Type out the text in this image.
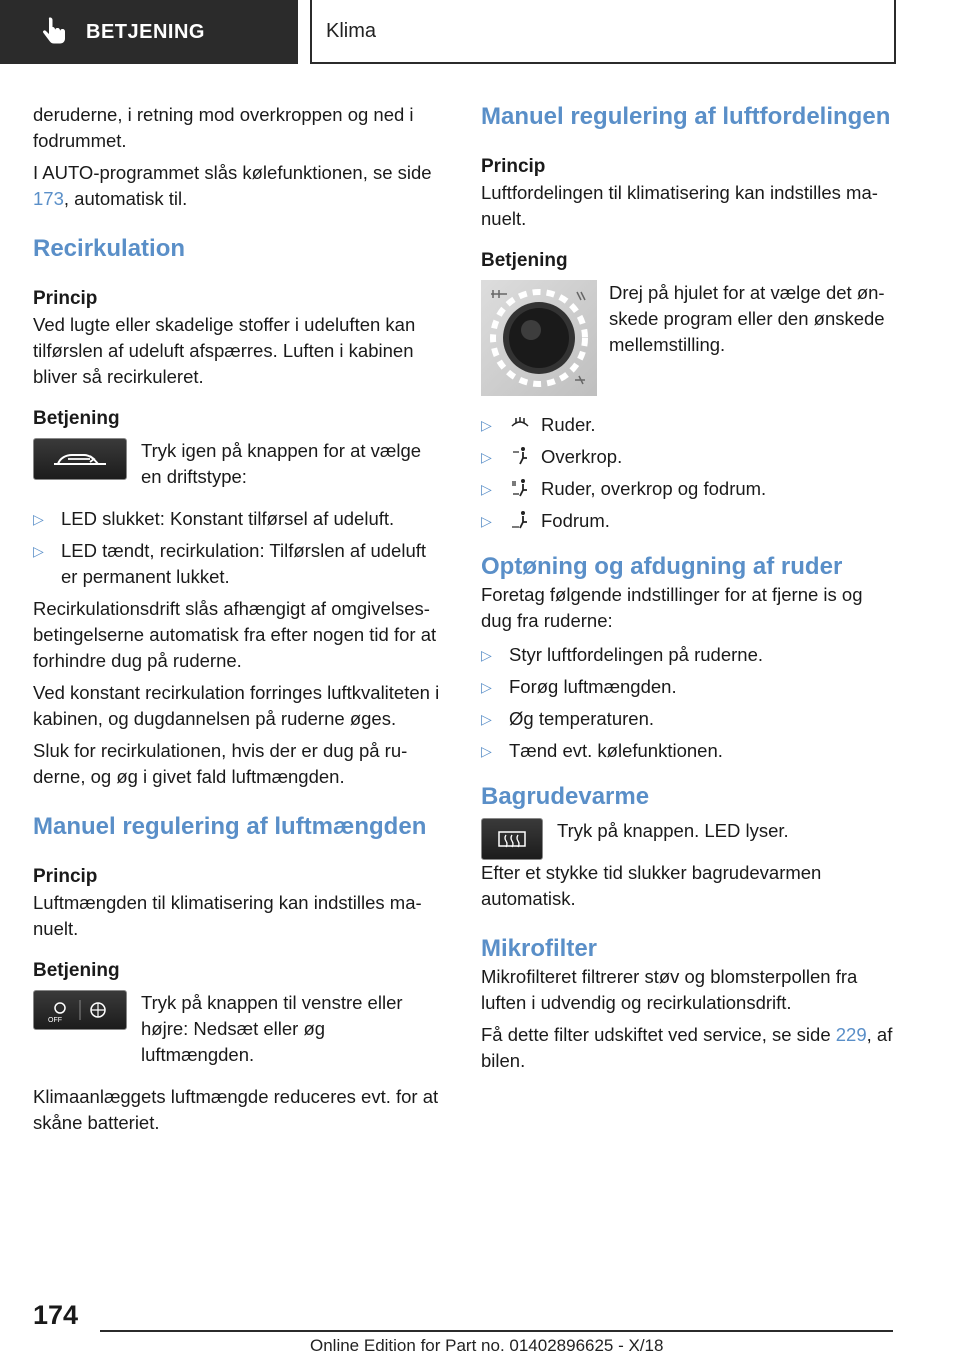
BETJENING	Klima

deruderne, i retning mod overkroppen og ned i fodrummet.

I AUTO-programmet slås kølefunktionen, se side 173, automatisk til.

Recirkulation
Princip

Ved lugte eller skadelige stoffer i udeluften kan tilførslen af udeluft afspærres. Luften i kabinen bliver så recirkuleret.

Betjening
Tryk igen på knappen for at vælge en driftstype:
▷ LED slukket: Konstant tilførsel af udeluft.
▷ LED tændt, recirkulation: Tilførslen af udeluft er permanent lukket.

Recirkulationsdrift slås afhængigt af omgivelsesbetingelserne automatisk fra efter nogen tid for at forhindre dug på ruderne.

Ved konstant recirkulation forringes luftkvaliteten i kabinen, og dugdannelsen på ruderne øges.

Sluk for recirkulationen, hvis der er dug på ruderne, og øg i givet fald luftmængden.

Manuel regulering af luftmængden
Princip

Luftmængden til klimatisering kan indstilles manuelt.

Betjening
OFF
Tryk på knappen til venstre eller højre: Nedsæt eller øg luftmængden.

Klimaanlæggets luftmængde reduceres evt. for at skåne batteriet.

Manuel regulering af luftfordelingen
Princip

Luftfordelingen til klimatisering kan indstilles manuelt.

Betjening
Drej på hjulet for at vælge det ønskede program eller den ønskede mellemstilling.
▷	Ruder.
▷	Overkrop.
▷	Ruder, overkrop og fodrum.
▷	Fodrum.
Optøning og afdugning af ruder

Foretag følgende indstillinger for at fjerne is og dug fra ruderne:

▷ Styr luftfordelingen på ruderne.
▷ Forøg luftmængden.
▷ Øg temperaturen.
▷ Tænd evt. kølefunktionen.
Bagrudevarme

Tryk på knappen. LED lyser.

Efter et stykke tid slukker bagrudevarmen automatisk.

Mikrofilter

Mikrofilteret filtrerer støv og blomsterpollen fra luften i udvendig og recirkulationsdrift.

Få dette filter udskiftet ved service, se side 229, af bilen.

174
Online Edition for Part no. 01402896625 - X/18
